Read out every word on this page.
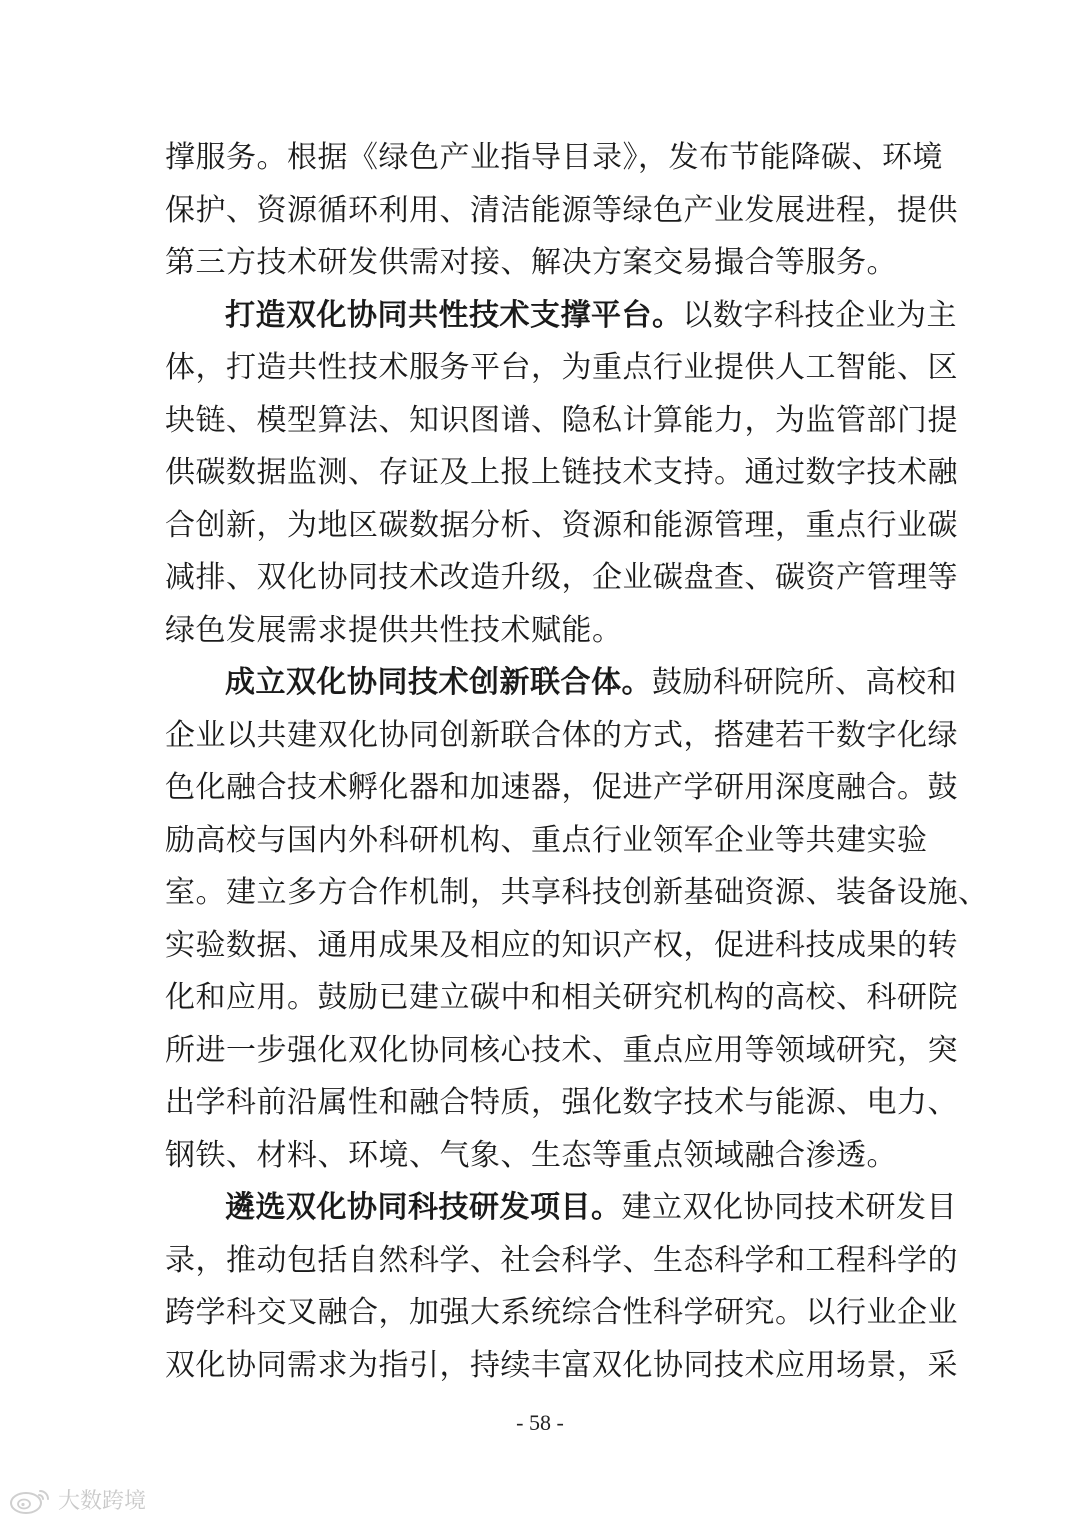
撑服务。根据《绿色产业指导目录》，发布节能降碳、环境
保护、资源循环利用、清洁能源等绿色产业发展进程，提供
第三方技术研发供需对接、解决方案交易撮合等服务。
打造双化协同共性技术支撑平台。以数字科技企业为主
体，打造共性技术服务平台，为重点行业提供人工智能、区
块链、模型算法、知识图谱、隐私计算能力，为监管部门提
供碳数据监测、存证及上报上链技术支持。通过数字技术融
合创新，为地区碳数据分析、资源和能源管理，重点行业碳
减排、双化协同技术改造升级，企业碳盘查、碳资产管理等
绿色发展需求提供共性技术赋能。
成立双化协同技术创新联合体。鼓励科研院所、高校和
企业以共建双化协同创新联合体的方式，搭建若干数字化绿
色化融合技术孵化器和加速器，促进产学研用深度融合。鼓
励高校与国内外科研机构、重点行业领军企业等共建实验
室。建立多方合作机制，共享科技创新基础资源、装备设施、
实验数据、通用成果及相应的知识产权，促进科技成果的转
化和应用。鼓励已建立碳中和相关研究机构的高校、科研院
所进一步强化双化协同核心技术、重点应用等领域研究，突
出学科前沿属性和融合特质，强化数字技术与能源、电力、
钢铁、材料、环境、气象、生态等重点领域融合渗透。
遴选双化协同科技研发项目。建立双化协同技术研发目
录，推动包括自然科学、社会科学、生态科学和工程科学的
跨学科交叉融合，加强大系统综合性科学研究。以行业企业
双化协同需求为指引，持续丰富双化协同技术应用场景，采
- 58 -
大数跨境
